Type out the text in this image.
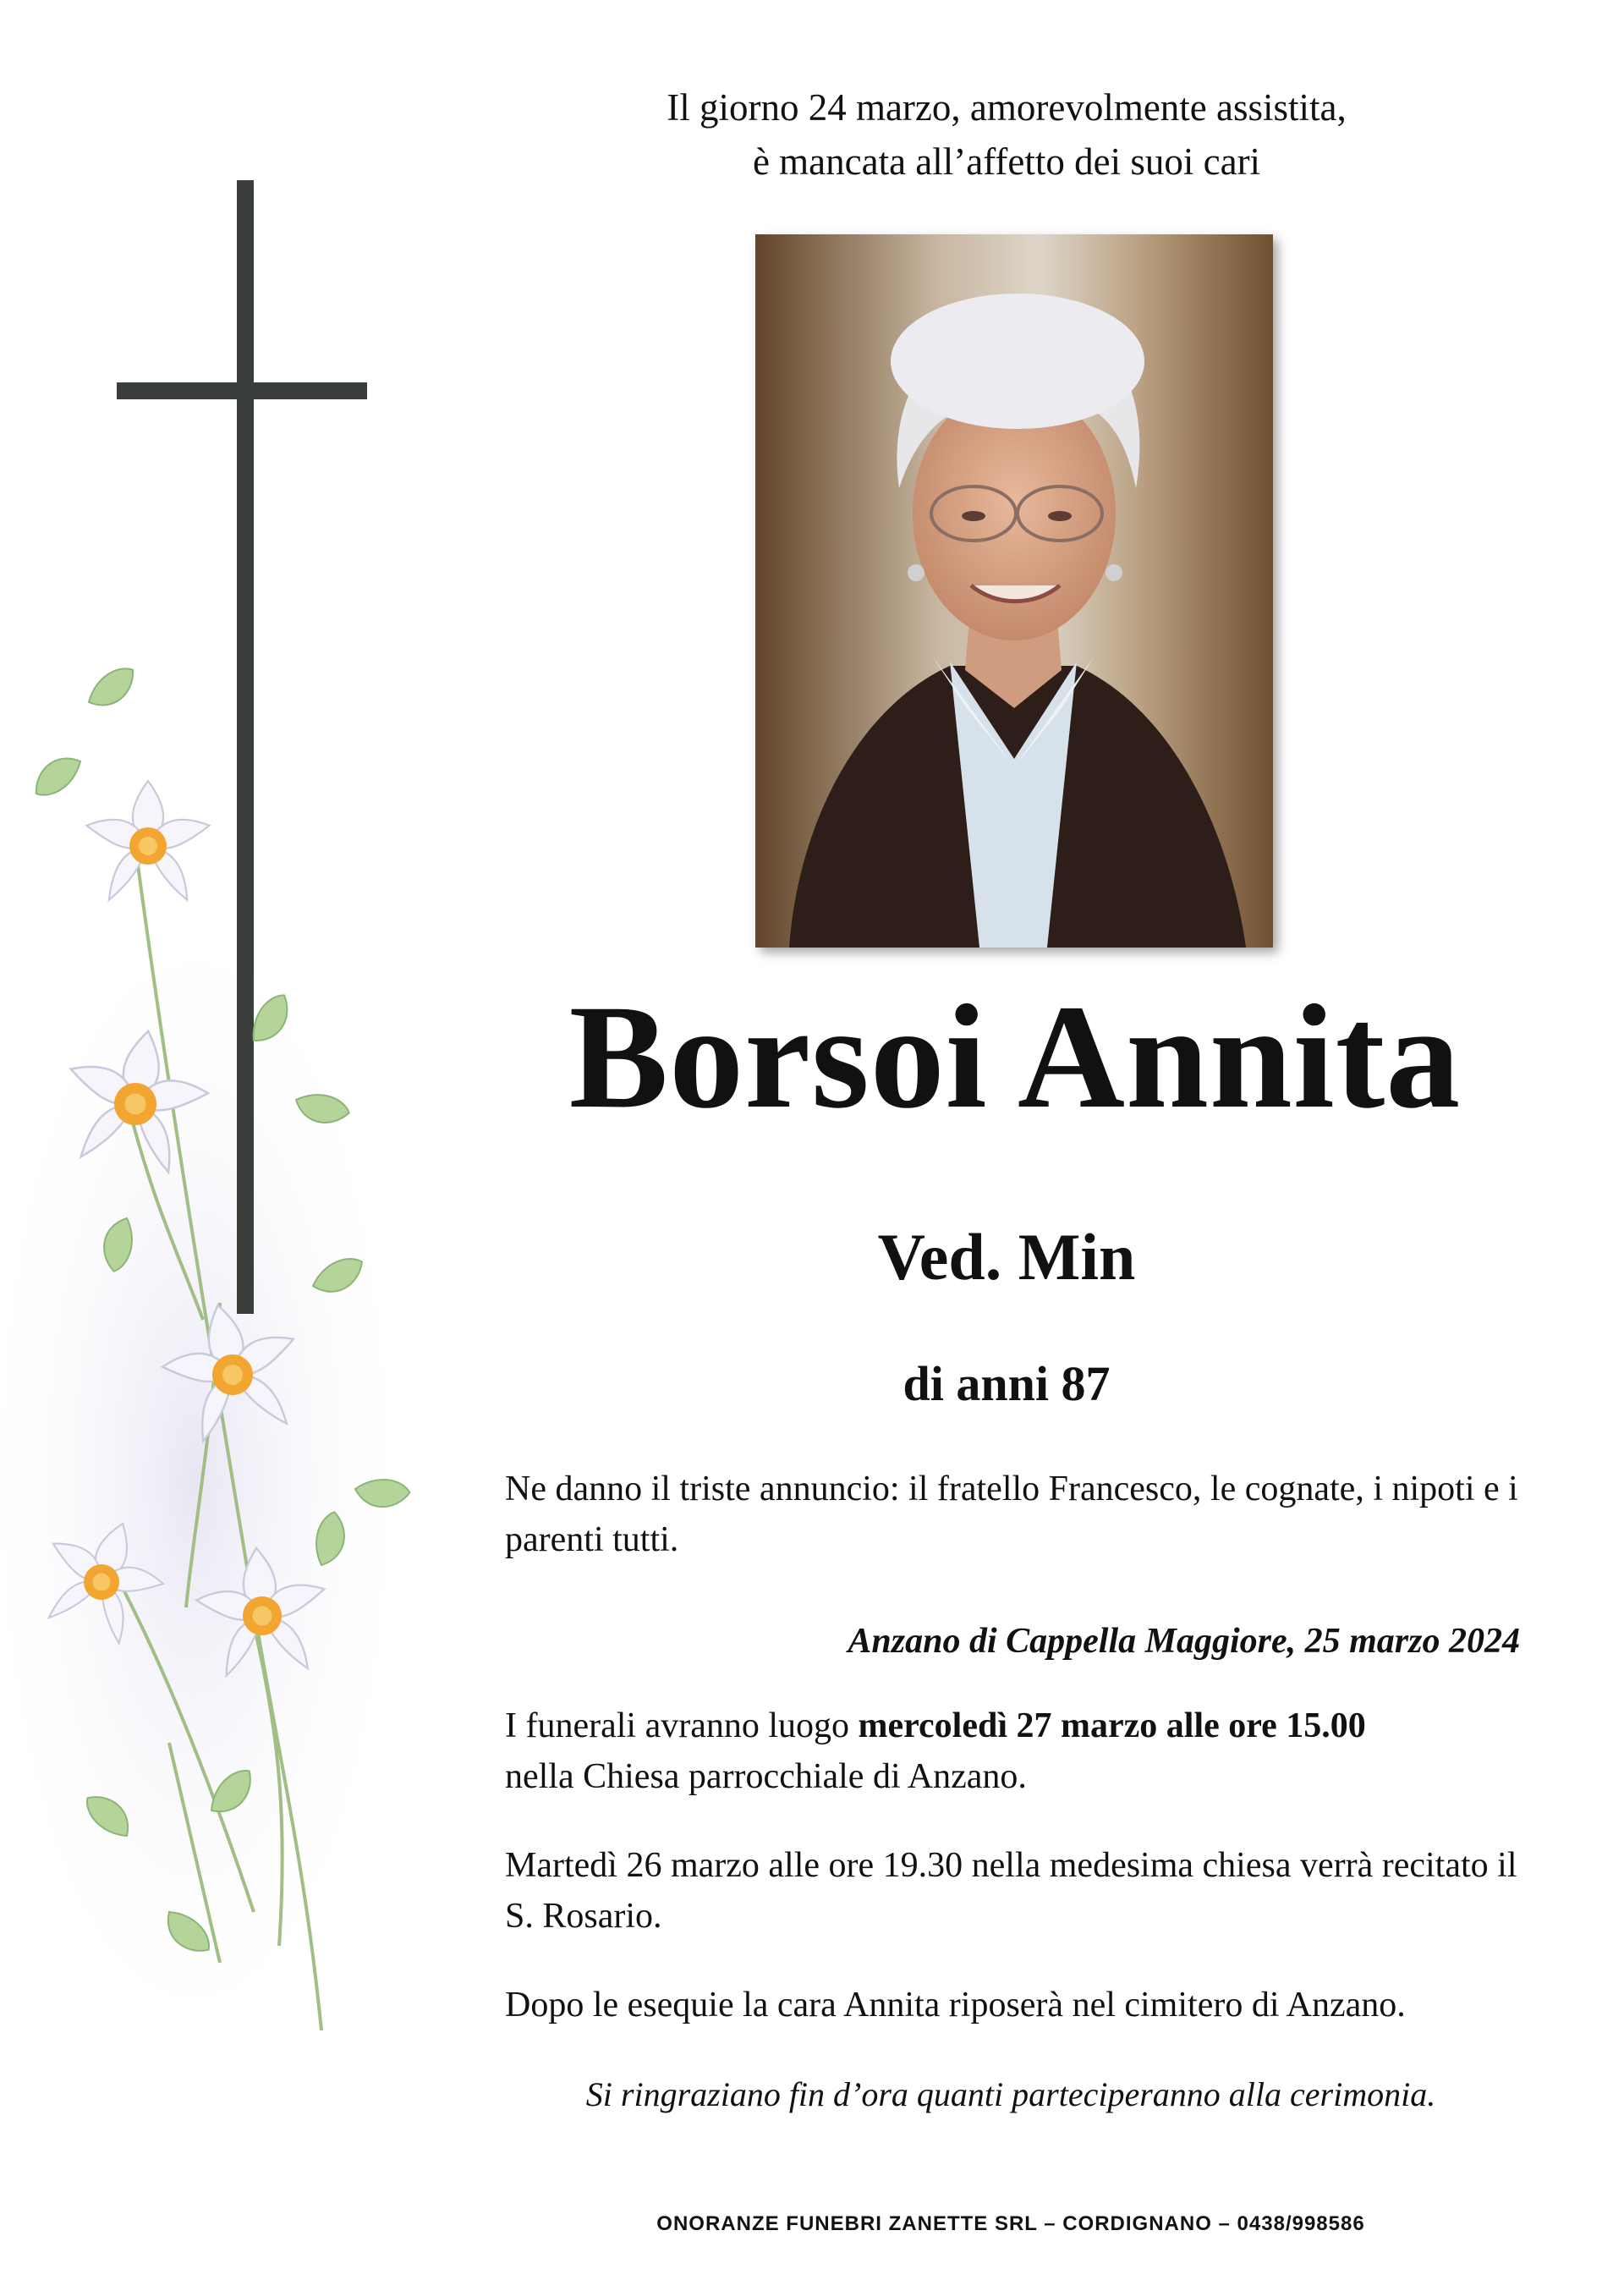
Il giorno 24 marzo, amorevolmente assistita,
è mancata all’affetto dei suoi cari
Borsoi Annita
Ved. Min
di anni 87
Ne danno il triste annuncio: il fratello Francesco, le cognate, i nipoti e i parenti tutti.
Anzano di Cappella Maggiore, 25 marzo 2024
I funerali avranno luogo mercoledì 27 marzo alle ore 15.00
nella Chiesa parrocchiale di Anzano.
Martedì 26 marzo alle ore 19.30 nella medesima chiesa verrà recitato il S. Rosario.
Dopo le esequie la cara Annita riposerà nel cimitero di Anzano.
Si ringraziano fin d’ora quanti parteciperanno alla cerimonia.
ONORANZE FUNEBRI ZANETTE SRL – CORDIGNANO – 0438/998586
